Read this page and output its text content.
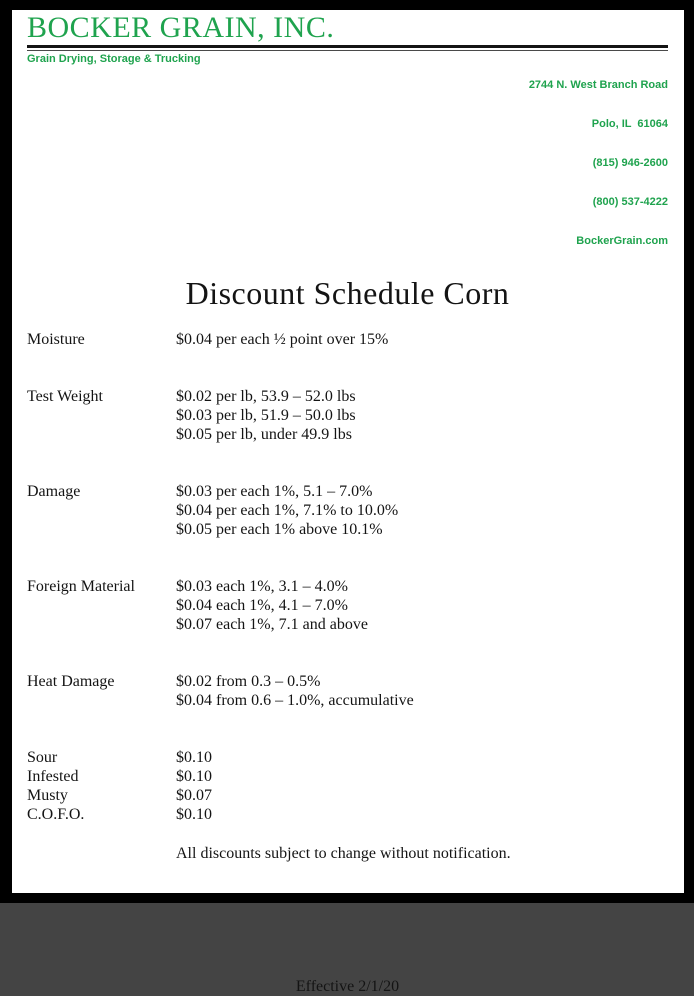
BOCKER GRAIN, INC.
Grain Drying, Storage & Trucking

2744 N. West Branch Road

Polo, IL  61064

(815) 946-2600

(800) 537-4222

BockerGrain.com

Discount Schedule Corn
Moisture	$0.04 per each ½ point over 15%
Test Weight	$0.02 per lb, 53.9 – 52.0 lbs
$0.03 per lb, 51.9 – 50.0 lbs
$0.05 per lb, under 49.9 lbs
Damage	$0.03 per each 1%, 5.1 – 7.0%
$0.04 per each 1%, 7.1% to 10.0%
$0.05 per each 1% above 10.1%
Foreign Material	$0.03 each 1%, 3.1 – 4.0%
$0.04 each 1%, 4.1 – 7.0%
$0.07 each 1%, 7.1 and above
Heat Damage	$0.02 from 0.3 – 0.5%
$0.04 from 0.6 – 1.0%, accumulative
Sour	$0.10
Infested	$0.10
Musty	$0.07
C.O.F.O.	$0.10
All discounts subject to change without notification.
Effective 2/1/20
